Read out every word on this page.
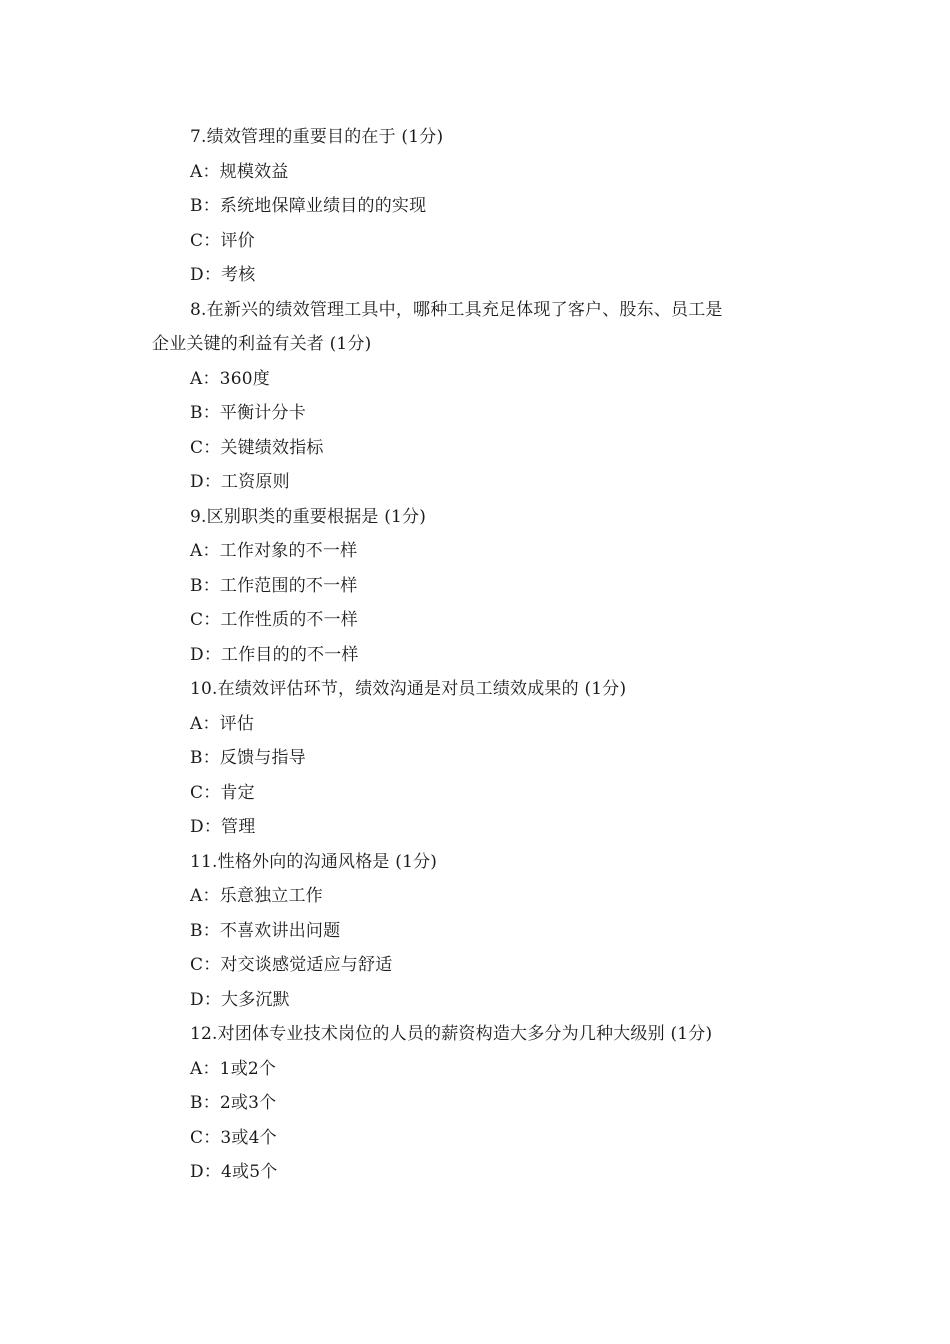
7.绩效管理的重要目的在于 (1分)
A：规模效益
B：系统地保障业绩目的的实现
C：评价
D：考核
8.在新兴的绩效管理工具中，哪种工具充足体现了客户、股东、员工是
企业关键的利益有关者 (1分)
A：360度
B：平衡计分卡
C：关键绩效指标
D：工资原则
9.区别职类的重要根据是 (1分)
A：工作对象的不一样
B：工作范围的不一样
C：工作性质的不一样
D：工作目的的不一样
10.在绩效评估环节，绩效沟通是对员工绩效成果的 (1分)
A：评估
B：反馈与指导
C：肯定
D：管理
11.性格外向的沟通风格是 (1分)
A：乐意独立工作
B：不喜欢讲出问题
C：对交谈感觉适应与舒适
D：大多沉默
12.对团体专业技术岗位的人员的薪资构造大多分为几种大级别 (1分)
A：1或2个
B：2或3个
C：3或4个
D：4或5个
